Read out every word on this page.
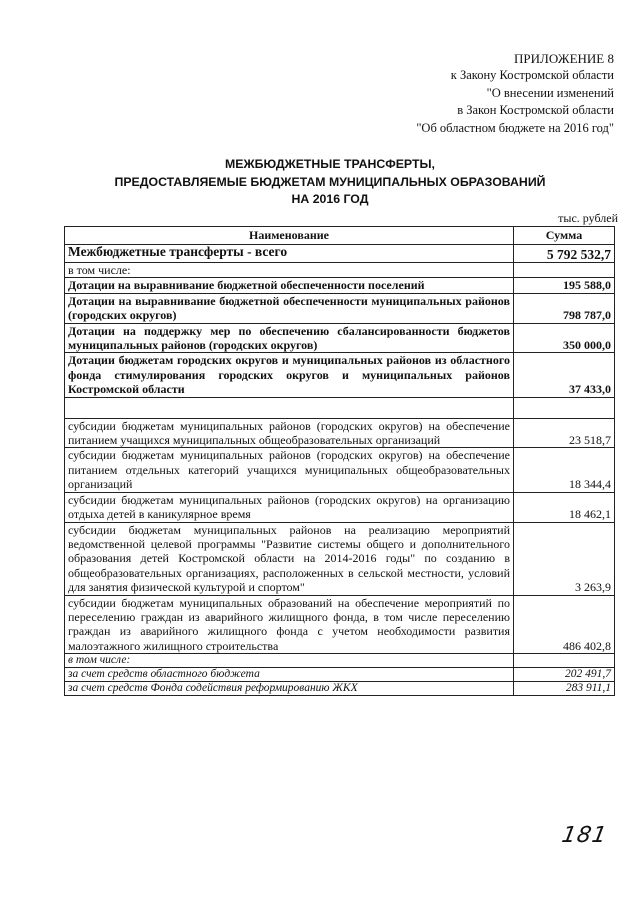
ПРИЛОЖЕНИЕ 8
к Закону Костромской области
"О внесении изменений
в Закон Костромской области
"Об областном бюджете на 2016 год"
МЕЖБЮДЖЕТНЫЕ ТРАНСФЕРТЫ,
ПРЕДОСТАВЛЯЕМЫЕ БЮДЖЕТАМ МУНИЦИПАЛЬНЫХ ОБРАЗОВАНИЙ
НА 2016 ГОД
тыс. рублей
Наименование	Сумма
Межбюджетные трансферты - всего	5 792 532,7
в том числе:	
Дотации на выравнивание бюджетной обеспеченности поселений	195 588,0
Дотации на выравнивание бюджетной обеспеченности муниципальных районов (городских округов)	798 787,0
Дотации на поддержку мер по обеспечению сбалансированности бюджетов муниципальных районов (городских округов)	350 000,0
Дотации бюджетам городских округов и муниципальных районов из областного фонда стимулирования городских округов и муниципальных районов Костромской области	37 433,0

субсидии бюджетам муниципальных районов (городских округов) на обеспечение питанием учащихся муниципальных общеобразовательных организаций	23 518,7
субсидии бюджетам муниципальных районов (городских округов) на обеспечение питанием отдельных категорий учащихся муниципальных общеобразовательных организаций	18 344,4
субсидии бюджетам муниципальных районов (городских округов) на организацию отдыха детей в каникулярное время	18 462,1
субсидии бюджетам муниципальных районов на реализацию мероприятий ведомственной целевой программы "Развитие системы общего и дополнительного образования детей Костромской области на 2014-2016 годы" по созданию в общеобразовательных организациях, расположенных в сельской местности, условий для занятия физической культурой и спортом"	3 263,9
субсидии бюджетам муниципальных образований на обеспечение мероприятий по переселению граждан из аварийного жилищного фонда, в том числе переселению граждан из аварийного жилищного фонда с учетом необходимости развития малоэтажного жилищного строительства	486 402,8
в том числе:	
за счет средств областного бюджета	202 491,7
за счет средств Фонда содействия реформированию ЖКХ	283 911,1
181
